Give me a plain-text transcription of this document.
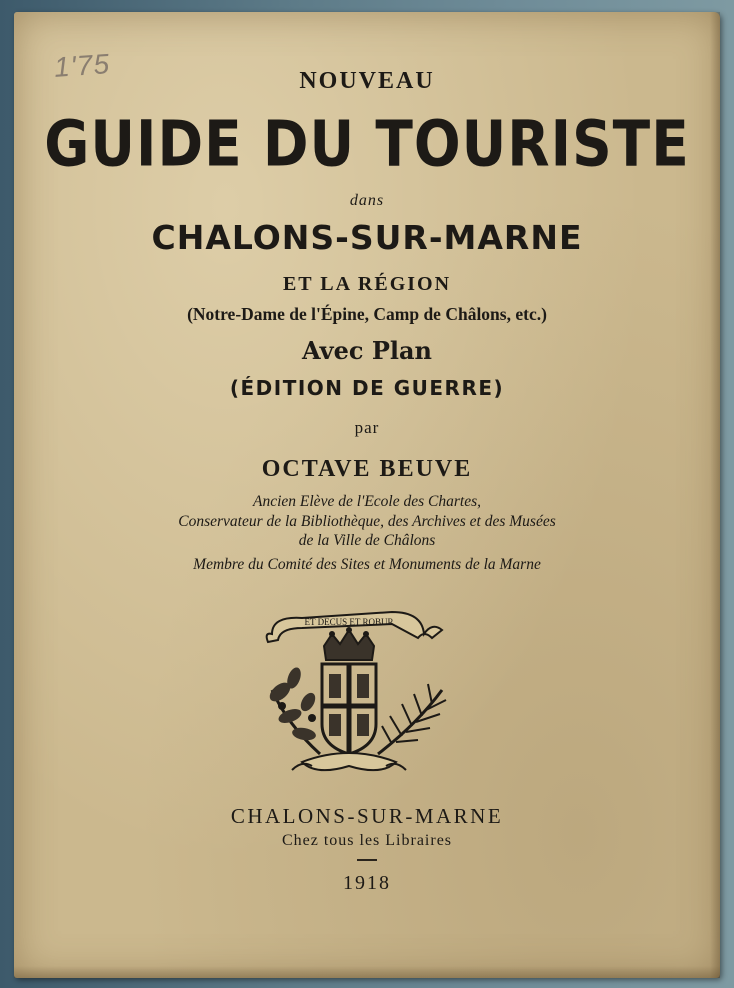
1'75	NOUVEAU
GUIDE DU TOURISTE
dans
CHALONS-SUR-MARNE
ET LA RÉGION
(Notre-Dame de l'Épine, Camp de Châlons, etc.)
Avec Plan
(ÉDITION DE GUERRE)
par
OCTAVE BEUVE
Ancien Elève de l'Ecole des Chartes,
Conservateur de la Bibliothèque, des Archives et des Musées
de la Ville de Châlons
Membre du Comité des Sites et Monuments de la Marne
ET DECUS ET ROBUR
CHALONS-SUR-MARNE
Chez tous les Libraires
1918
